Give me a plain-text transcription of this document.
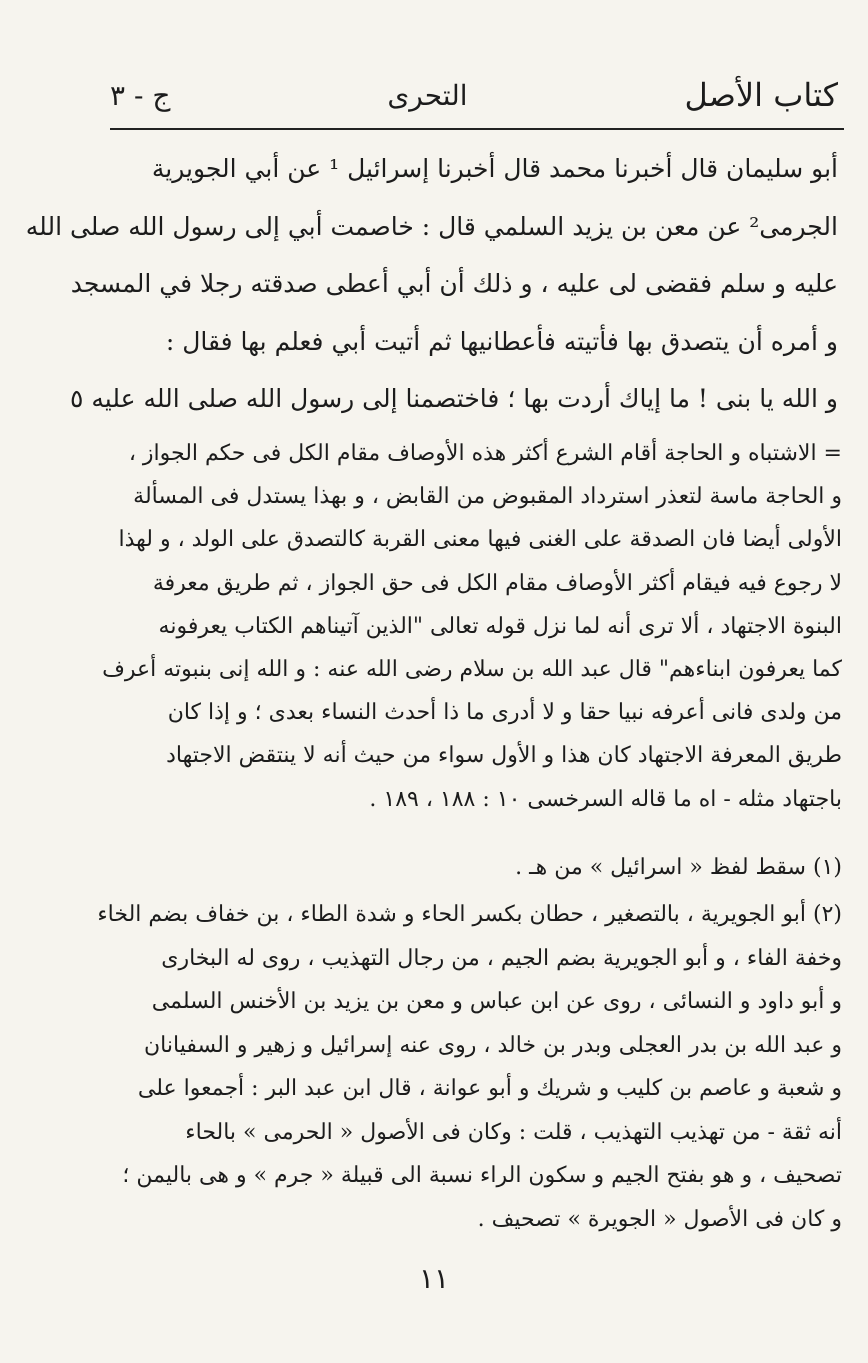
كتاب الأصل
التحرى
ج - ٣
أبو سليمان قال أخبرنا محمد قال أخبرنا إسرائيل ¹ عن أبي الجويرية
الجرمى² عن معن بن يزيد السلمي قال : خاصمت أبي إلى رسول الله صلى الله
عليه و سلم فقضى لى عليه ، و ذلك أن أبي أعطى صدقته رجلا في المسجد
و أمره أن يتصدق بها فأتيته فأعطانيها ثم أتيت أبي فعلم بها فقال :
و الله يا بنى ! ما إياك أردت بها ؛ فاختصمنا إلى رسول الله صلى الله عليه ٥
= الاشتباه و الحاجة أقام الشرع أكثر هذه الأوصاف مقام الكل فى حكم الجواز ،
و الحاجة ماسة لتعذر استرداد المقبوض من القابض ، و بهذا يستدل فى المسألة
الأولى أيضا فان الصدقة على الغنى فيها معنى القربة كالتصدق على الولد ، و لهذا
لا رجوع فيه فيقام أكثر الأوصاف مقام الكل فى حق الجواز ، ثم طريق معرفة
البنوة الاجتهاد ، ألا ترى أنه لما نزل قوله تعالى "الذين آتيناهم الكتاب يعرفونه
كما يعرفون ابناءهم" قال عبد الله بن سلام رضى الله عنه : و الله إنى بنبوته أعرف
من ولدى فانى أعرفه نبيا حقا و لا أدرى ما ذا أحدث النساء بعدى ؛ و إذا كان
طريق المعرفة الاجتهاد كان هذا و الأول سواء من حيث أنه لا ينتقض الاجتهاد
باجتهاد مثله - اه ما قاله السرخسى ١٠ : ١٨٨ ، ١٨٩ .
(١) سقط لفظ « اسرائيل » من هـ .
(٢) أبو الجويرية ، بالتصغير ، حطان بكسر الحاء و شدة الطاء ، بن خفاف بضم الخاء
وخفة الفاء ، و أبو الجويرية بضم الجيم ، من رجال التهذيب ، روى له البخارى
و أبو داود و النسائى ، روى عن ابن عباس و معن بن يزيد بن الأخنس السلمى
و عبد الله بن بدر العجلى وبدر بن خالد ، روى عنه إسرائيل و زهير و السفيانان
و شعبة و عاصم بن كليب و شريك و أبو عوانة ، قال ابن عبد البر : أجمعوا على
أنه ثقة - من تهذيب التهذيب ، قلت : وكان فى الأصول « الحرمى » بالحاء
تصحيف ، و هو بفتح الجيم و سكون الراء نسبة الى قبيلة « جرم » و هى باليمن ؛
و كان فى الأصول « الجويرة » تصحيف .
١١
